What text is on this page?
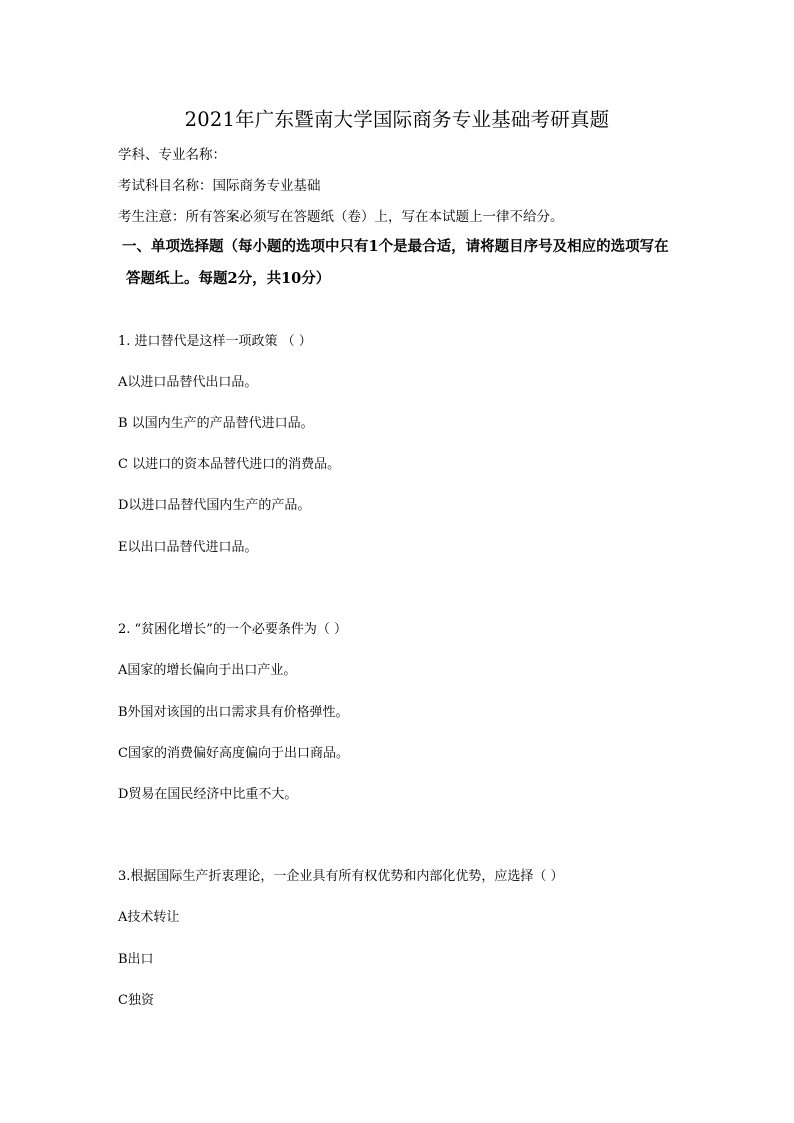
2021年广东暨南大学国际商务专业基础考研真题
学科、专业名称：
考试科目名称：国际商务专业基础
考生注意：所有答案必须写在答题纸（卷）上，写在本试题上一律不给分。
一、单项选择题（每小题的选项中只有1个是最合适，请将题目序号及相应的选项写在
答题纸上。每题2分，共10分）
1. 进口替代是这样一项政策 （ ）
A以进口品替代出口品。
B 以国内生产的产品替代进口品。
C 以进口的资本品替代进口的消费品。
D以进口品替代国内生产的产品。
E以出口品替代进口品。
2. “贫困化增长”的一个必要条件为（ ）
A国家的增长偏向于出口产业。
B外国对该国的出口需求具有价格弹性。
C国家的消费偏好高度偏向于出口商品。
D贸易在国民经济中比重不大。
3.根据国际生产折衷理论，一企业具有所有权优势和内部化优势，应选择（ ）
A技术转让
B出口
C独资
